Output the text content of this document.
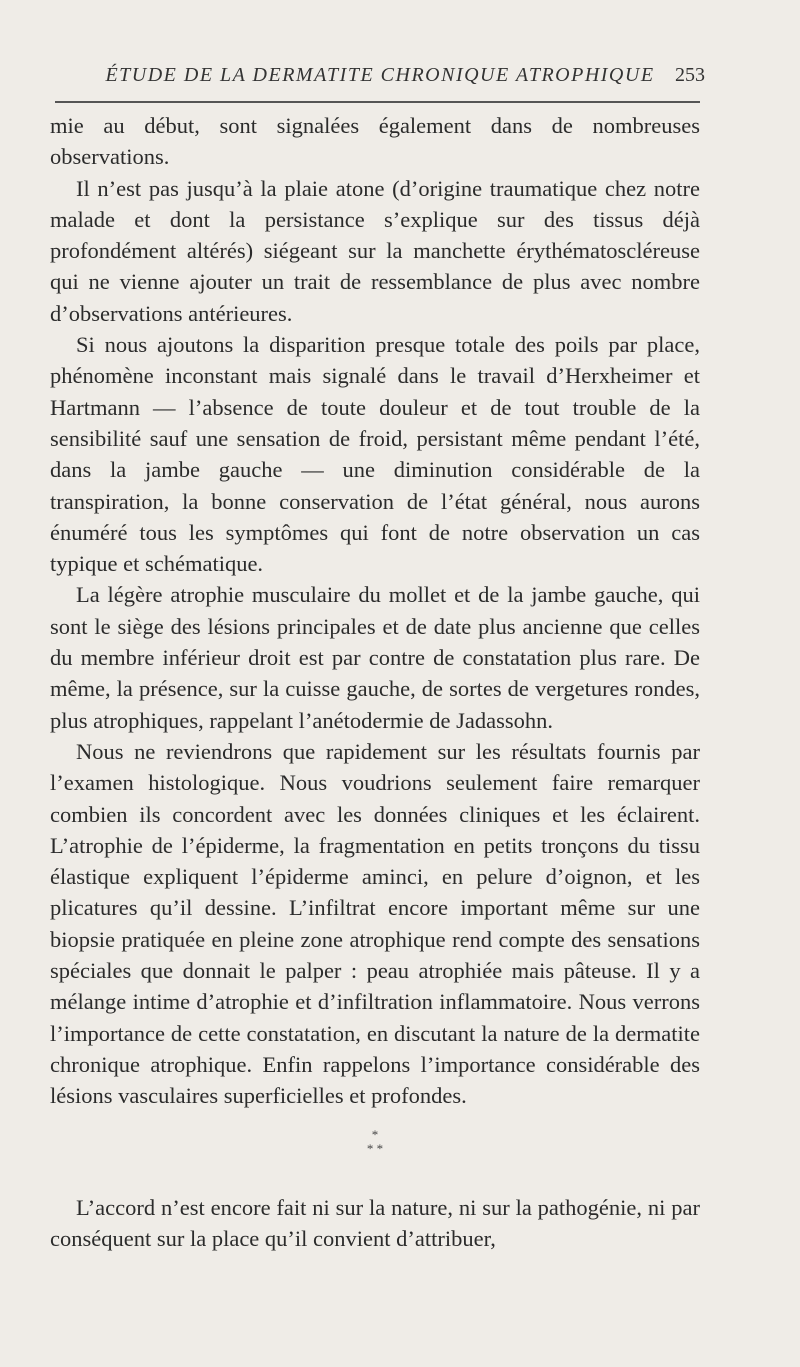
ÉTUDE DE LA DERMATITE CHRONIQUE ATROPHIQUE	253

mie au début, sont signalées également dans de nombreuses observations.

Il n’est pas jusqu’à la plaie atone (d’origine traumatique chez notre malade et dont la persistance s’explique sur des tissus déjà profondément altérés) siégeant sur la manchette érythématoscléreuse qui ne vienne ajouter un trait de ressemblance de plus avec nombre d’observations antérieures.

Si nous ajoutons la disparition presque totale des poils par place, phénomène inconstant mais signalé dans le travail d’Herxheimer et Hartmann — l’absence de toute douleur et de tout trouble de la sensibilité sauf une sensation de froid, persistant même pendant l’été, dans la jambe gauche — une diminution considérable de la transpiration, la bonne conservation de l’état général, nous aurons énuméré tous les symptômes qui font de notre observation un cas typique et schématique.

La légère atrophie musculaire du mollet et de la jambe gauche, qui sont le siège des lésions principales et de date plus ancienne que celles du membre inférieur droit est par contre de constatation plus rare. De même, la présence, sur la cuisse gauche, de sortes de vergetures rondes, plus atrophiques, rappelant l’anétodermie de Jadassohn.

Nous ne reviendrons que rapidement sur les résultats fournis par l’examen histologique. Nous voudrions seulement faire remarquer combien ils concordent avec les données cliniques et les éclairent. L’atrophie de l’épiderme, la fragmentation en petits tronçons du tissu élastique expliquent l’épiderme aminci, en pelure d’oignon, et les plicatures qu’il dessine. L’infiltrat encore important même sur une biopsie pratiquée en pleine zone atrophique rend compte des sensations spéciales que donnait le palper : peau atrophiée mais pâteuse. Il y a mélange intime d’atrophie et d’infiltration inflammatoire. Nous verrons l’importance de cette constatation, en discutant la nature de la dermatite chronique atrophique. Enfin rappelons l’importance considérable des lésions vasculaires superficielles et profondes.

*
* *

L’accord n’est encore fait ni sur la nature, ni sur la pathogénie, ni par conséquent sur la place qu’il convient d’attribuer,
